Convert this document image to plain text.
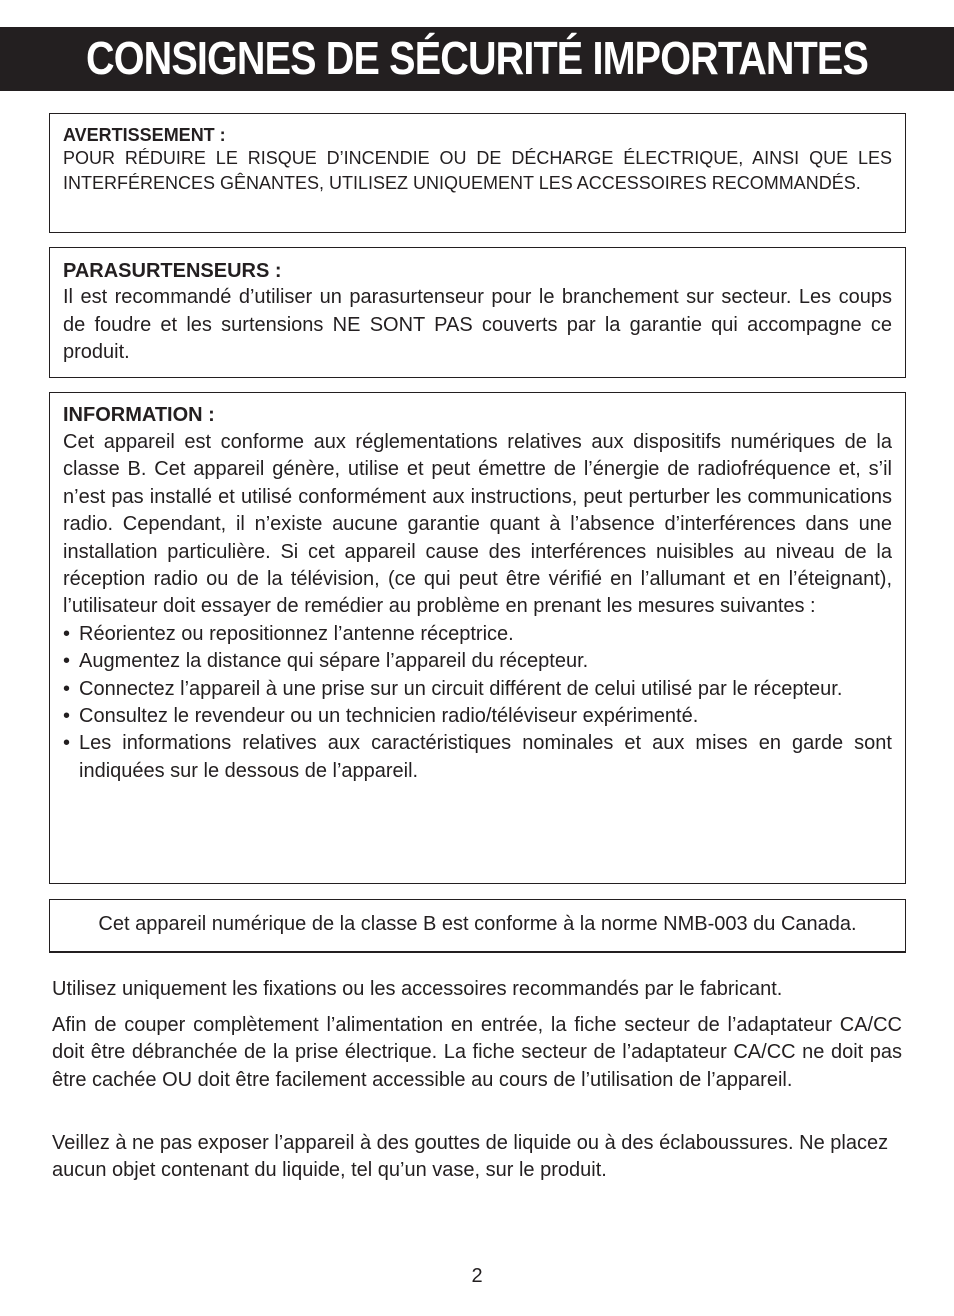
CONSIGNES DE SÉCURITÉ IMPORTANTES
AVERTISSEMENT :
POUR RÉDUIRE LE RISQUE D’INCENDIE OU DE DÉCHARGE ÉLECTRIQUE, AINSI QUE LES INTERFÉRENCES GÊNANTES, UTILISEZ UNIQUEMENT LES ACCESSOIRES RECOMMANDÉS.
PARASURTENSEURS :
Il est recommandé d’utiliser un parasurtenseur pour le branchement sur secteur. Les coups de foudre et les surtensions NE SONT PAS couverts par la garantie qui accompagne ce produit.
INFORMATION :
Cet appareil est conforme aux réglementations relatives aux dispositifs numériques de la classe B. Cet appareil génère, utilise et peut émettre de l’énergie de radiofréquence et, s’il n’est pas installé et utilisé conformément aux instructions, peut perturber les communications radio. Cependant, il n’existe aucune garantie quant à l’absence d’interférences dans une installation particulière. Si cet appareil cause des interférences nuisibles au niveau de la réception radio ou de la télévision, (ce qui peut être vérifié en l’allumant et en l’éteignant), l’utilisateur doit essayer de remédier au problème en prenant les mesures suivantes :
• Réorientez ou repositionnez l’antenne réceptrice.
• Augmentez la distance qui sépare l’appareil du récepteur.
• Connectez l’appareil à une prise sur un circuit différent de celui utilisé par le récepteur.
• Consultez le revendeur ou un technicien radio/téléviseur expérimenté.
• Les informations relatives aux caractéristiques nominales et aux mises en garde sont indiquées sur le dessous de l’appareil.
Cet appareil numérique de la classe B est conforme à la norme NMB-003 du Canada.
Utilisez uniquement les fixations ou les accessoires recommandés par le fabricant.
Afin de couper complètement l’alimentation en entrée, la fiche secteur de l’adaptateur CA/CC doit être débranchée de la prise électrique. La fiche secteur de l’adaptateur CA/CC ne doit pas être cachée OU doit être facilement accessible au cours de l’utilisation de l’appareil.
Veillez à ne pas exposer l’appareil à des gouttes de liquide ou à des éclaboussures. Ne placez aucun objet contenant du liquide, tel qu’un vase, sur le produit.
2
